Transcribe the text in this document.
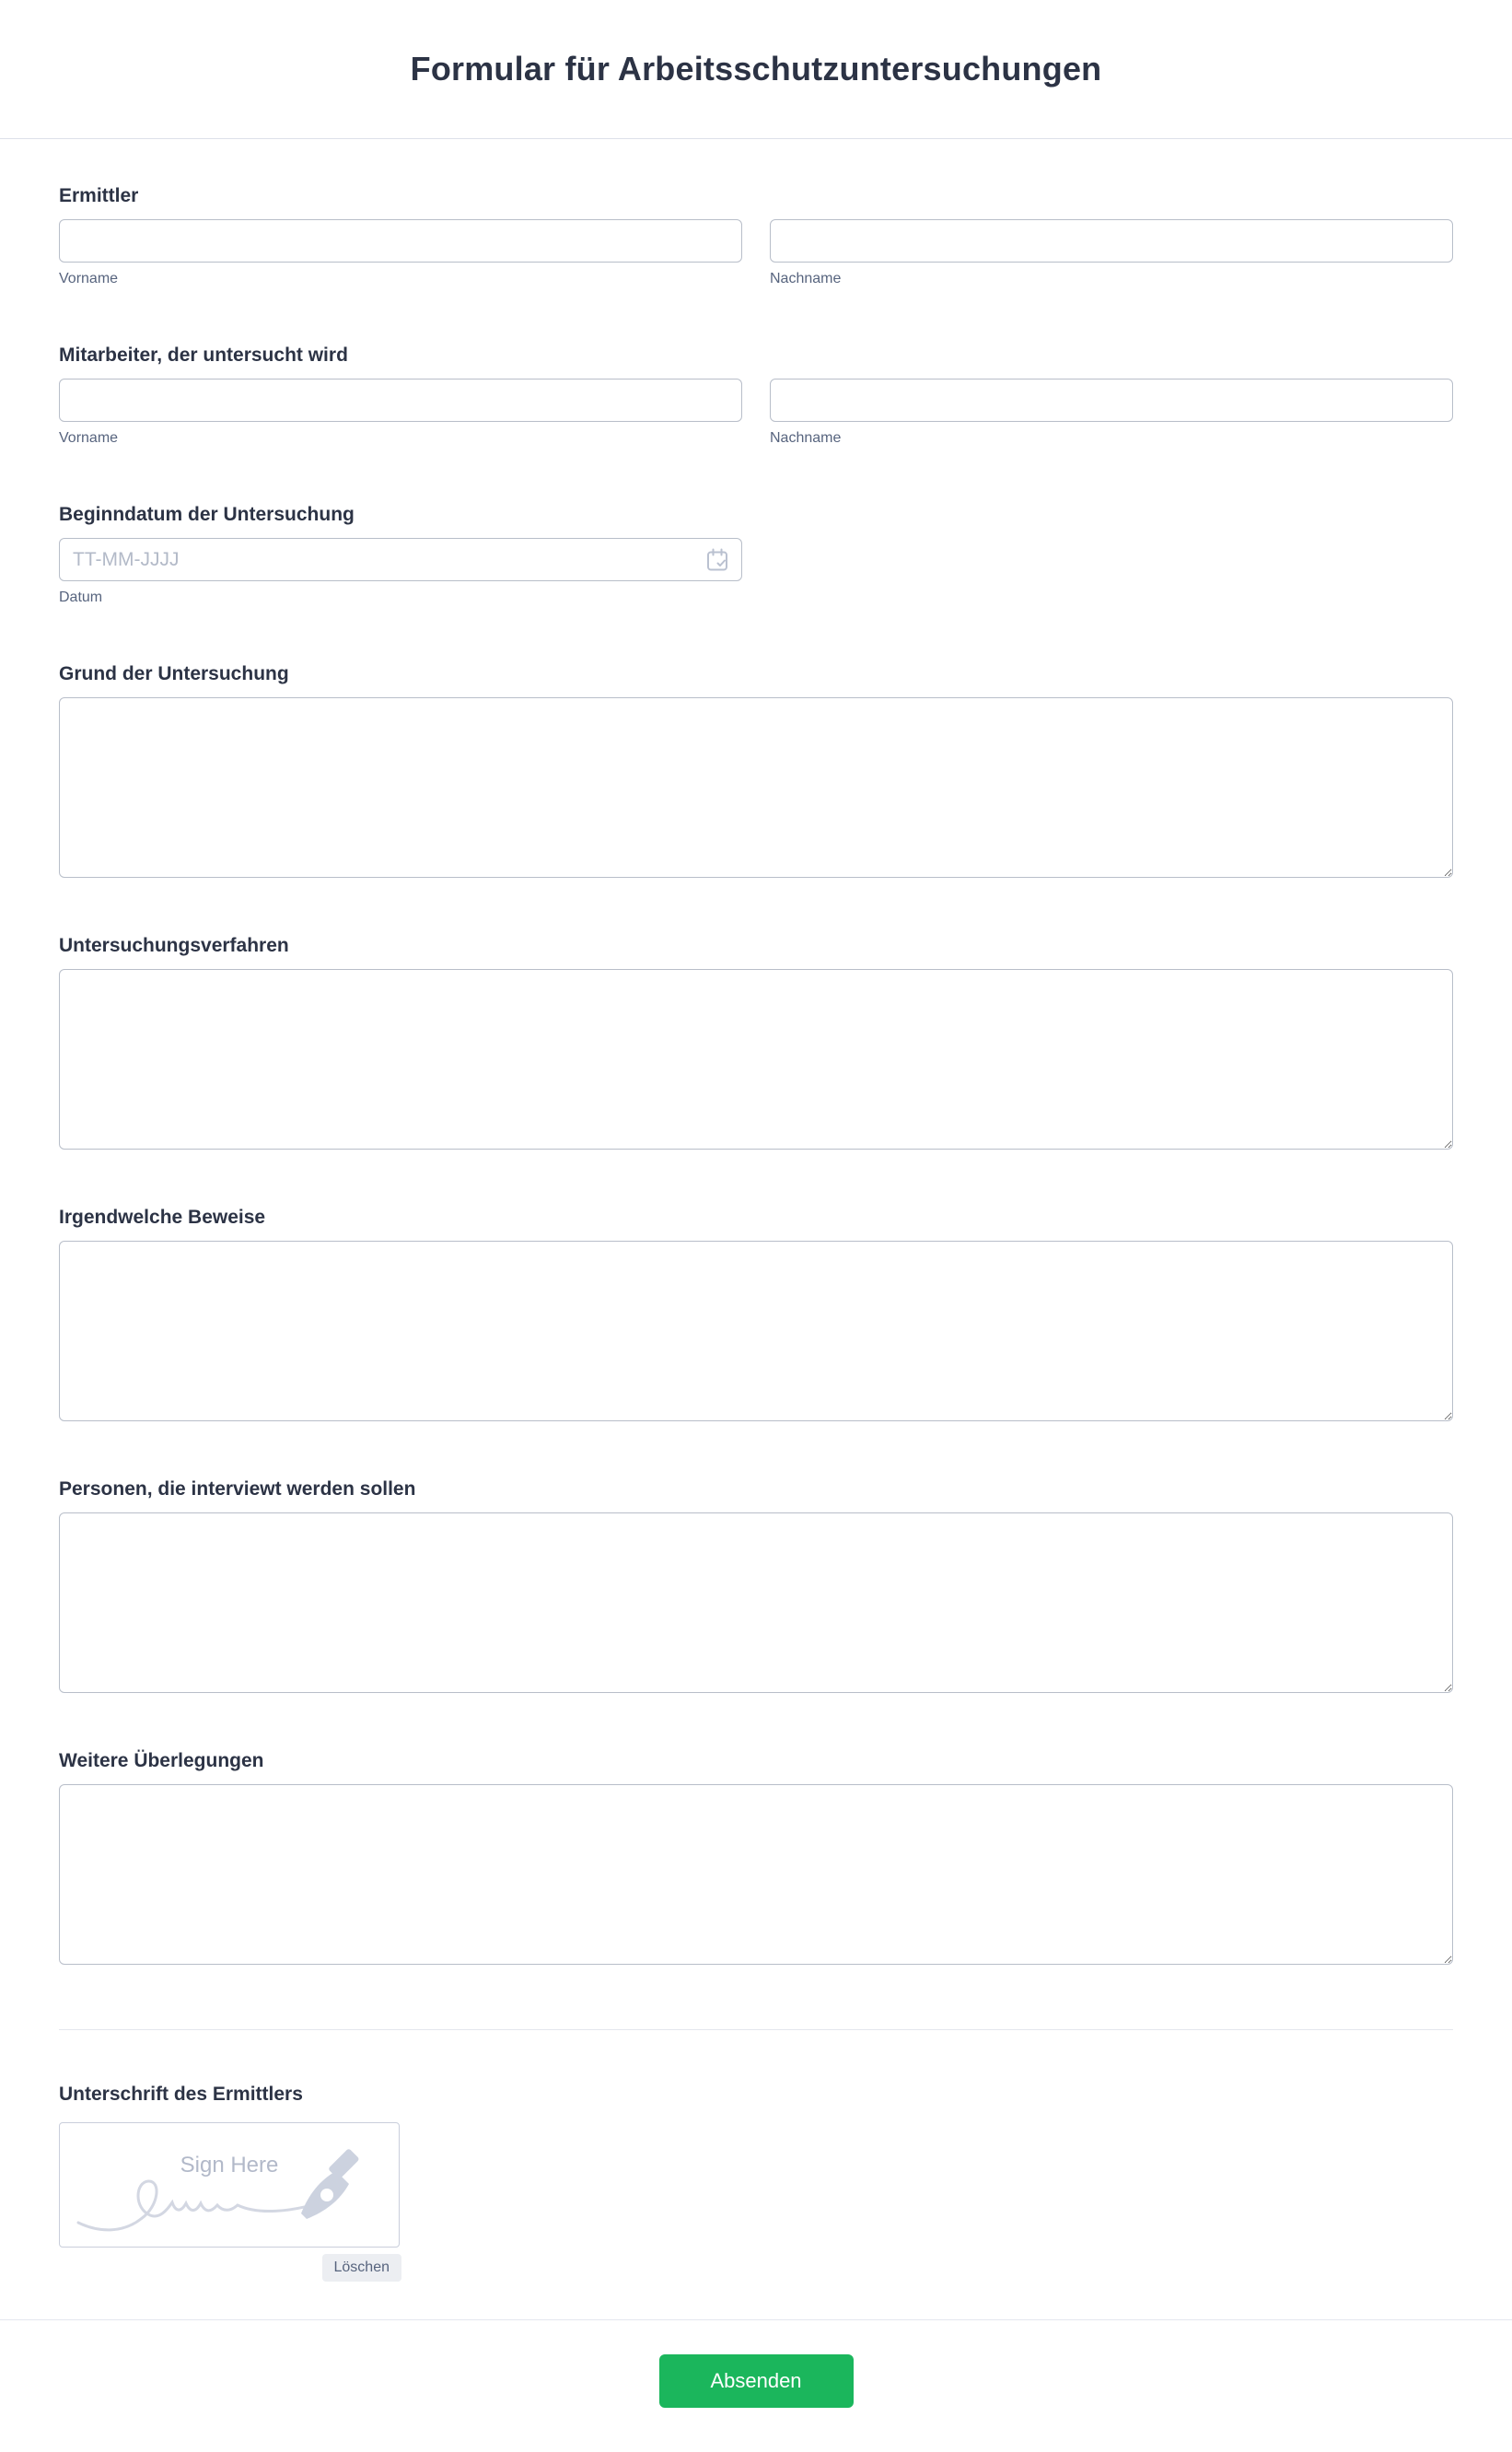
Formular für Arbeitsschutzuntersuchungen
Ermittler
Vorname	Nachname
Mitarbeiter, der untersucht wird
Vorname	Nachname
Beginndatum der Untersuchung
TT-MM-JJJJ
Datum
Grund der Untersuchung
Untersuchungsverfahren
Irgendwelche Beweise
Personen, die interviewt werden sollen
Weitere Überlegungen
Unterschrift des Ermittlers
Sign Here
Löschen
Absenden
